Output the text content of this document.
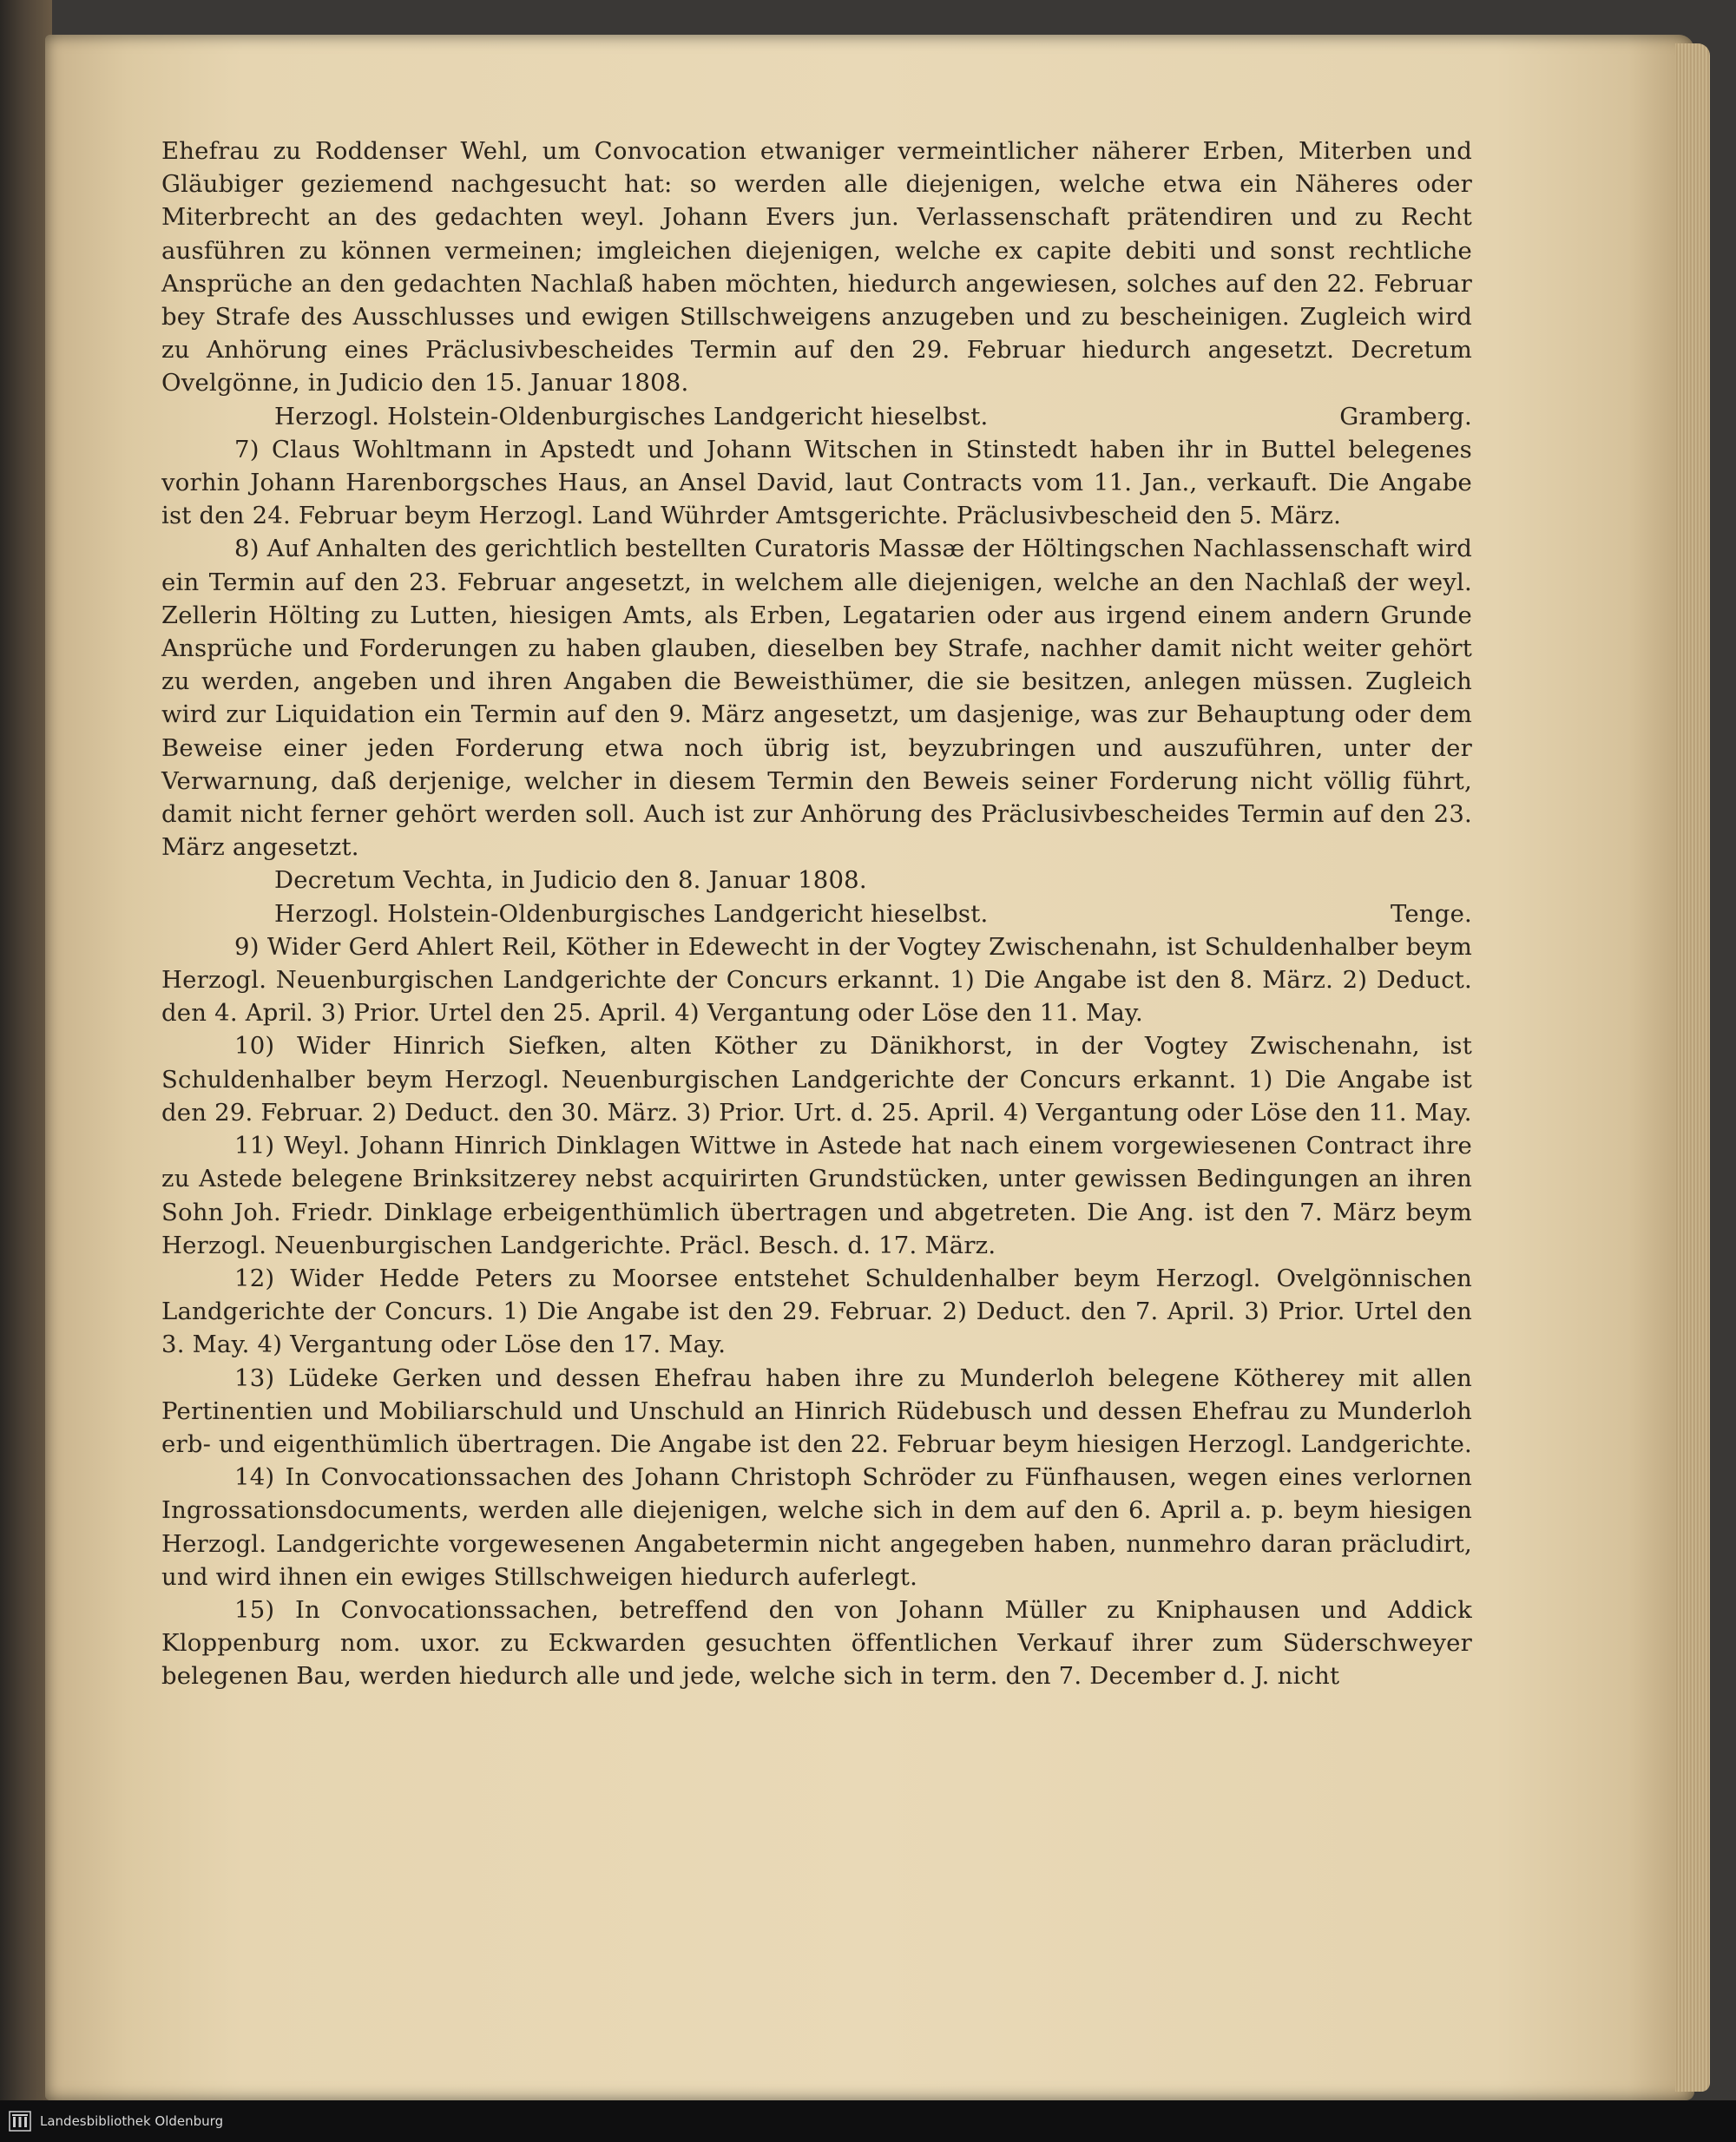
Ehefrau zu Roddenser Wehl, um Convocation etwaniger vermeintlicher näherer Erben, Miterben und Gläubiger geziemend nachgesucht hat: so werden alle diejenigen, welche etwa ein Näheres oder Miterbrecht an des gedachten weyl. Johann Evers jun. Verlassenschaft prätendiren und zu Recht ausführen zu können vermeinen; imgleichen diejenigen, welche ex capite debiti und sonst rechtliche Ansprüche an den gedachten Nachlaß haben möchten, hiedurch angewiesen, solches auf den 22. Februar bey Strafe des Ausschlusses und ewigen Stillschweigens anzugeben und zu bescheinigen. Zugleich wird zu Anhörung eines Präclusivbescheides Termin auf den 29. Februar hiedurch angesetzt. Decretum Ovelgönne, in Judicio den 15. Januar 1808.

Herzogl. Holstein-Oldenburgisches Landgericht hieselbst.	Gramberg.

7) Claus Wohltmann in Apstedt und Johann Witschen in Stinstedt haben ihr in Buttel belegenes vorhin Johann Harenborgsches Haus, an Ansel David, laut Contracts vom 11. Jan., verkauft. Die Angabe ist den 24. Februar beym Herzogl. Land Wührder Amtsgerichte. Präclusivbescheid den 5. März.

8) Auf Anhalten des gerichtlich bestellten Curatoris Massæ der Höltingschen Nachlassenschaft wird ein Termin auf den 23. Februar angesetzt, in welchem alle diejenigen, welche an den Nachlaß der weyl. Zellerin Hölting zu Lutten, hiesigen Amts, als Erben, Legatarien oder aus irgend einem andern Grunde Ansprüche und Forderungen zu haben glauben, dieselben bey Strafe, nachher damit nicht weiter gehört zu werden, angeben und ihren Angaben die Beweisthümer, die sie besitzen, anlegen müssen. Zugleich wird zur Liquidation ein Termin auf den 9. März angesetzt, um dasjenige, was zur Behauptung oder dem Beweise einer jeden Forderung etwa noch übrig ist, beyzubringen und auszuführen, unter der Verwarnung, daß derjenige, welcher in diesem Termin den Beweis seiner Forderung nicht völlig führt, damit nicht ferner gehört werden soll. Auch ist zur Anhörung des Präclusivbescheides Termin auf den 23. März angesetzt.

Decretum Vechta, in Judicio den 8. Januar 1808.

Herzogl. Holstein-Oldenburgisches Landgericht hieselbst.	Tenge.

9) Wider Gerd Ahlert Reil, Köther in Edewecht in der Vogtey Zwischenahn, ist Schuldenhalber beym Herzogl. Neuenburgischen Landgerichte der Concurs erkannt. 1) Die Angabe ist den 8. März. 2) Deduct. den 4. April. 3) Prior. Urtel den 25. April. 4) Vergantung oder Löse den 11. May.

10) Wider Hinrich Siefken, alten Köther zu Dänikhorst, in der Vogtey Zwischenahn, ist Schuldenhalber beym Herzogl. Neuenburgischen Landgerichte der Concurs erkannt. 1) Die Angabe ist den 29. Februar. 2) Deduct. den 30. März. 3) Prior. Urt. d. 25. April. 4) Vergantung oder Löse den 11. May.

11) Weyl. Johann Hinrich Dinklagen Wittwe in Astede hat nach einem vorgewiesenen Contract ihre zu Astede belegene Brinksitzerey nebst acquirirten Grundstücken, unter gewissen Bedingungen an ihren Sohn Joh. Friedr. Dinklage erbeigenthümlich übertragen und abgetreten. Die Ang. ist den 7. März beym Herzogl. Neuenburgischen Landgerichte. Präcl. Besch. d. 17. März.

12) Wider Hedde Peters zu Moorsee entstehet Schuldenhalber beym Herzogl. Ovelgönnischen Landgerichte der Concurs. 1) Die Angabe ist den 29. Februar. 2) Deduct. den 7. April. 3) Prior. Urtel den 3. May. 4) Vergantung oder Löse den 17. May.

13) Lüdeke Gerken und dessen Ehefrau haben ihre zu Munderloh belegene Kötherey mit allen Pertinentien und Mobiliarschuld und Unschuld an Hinrich Rüdebusch und dessen Ehefrau zu Munderloh erb- und eigenthümlich übertragen. Die Angabe ist den 22. Februar beym hiesigen Herzogl. Landgerichte.

14) In Convocationssachen des Johann Christoph Schröder zu Fünfhausen, wegen eines verlornen Ingrossationsdocuments, werden alle diejenigen, welche sich in dem auf den 6. April a. p. beym hiesigen Herzogl. Landgerichte vorgewesenen Angabetermin nicht angegeben haben, nunmehro daran präcludirt, und wird ihnen ein ewiges Stillschweigen hiedurch auferlegt.

15) In Convocationssachen, betreffend den von Johann Müller zu Kniphausen und Addick Kloppenburg nom. uxor. zu Eckwarden gesuchten öffentlichen Verkauf ihrer zum Süderschweyer belegenen Bau, werden hiedurch alle und jede, welche sich in term. den 7. December d. J. nicht

Landesbibliothek Oldenburg
